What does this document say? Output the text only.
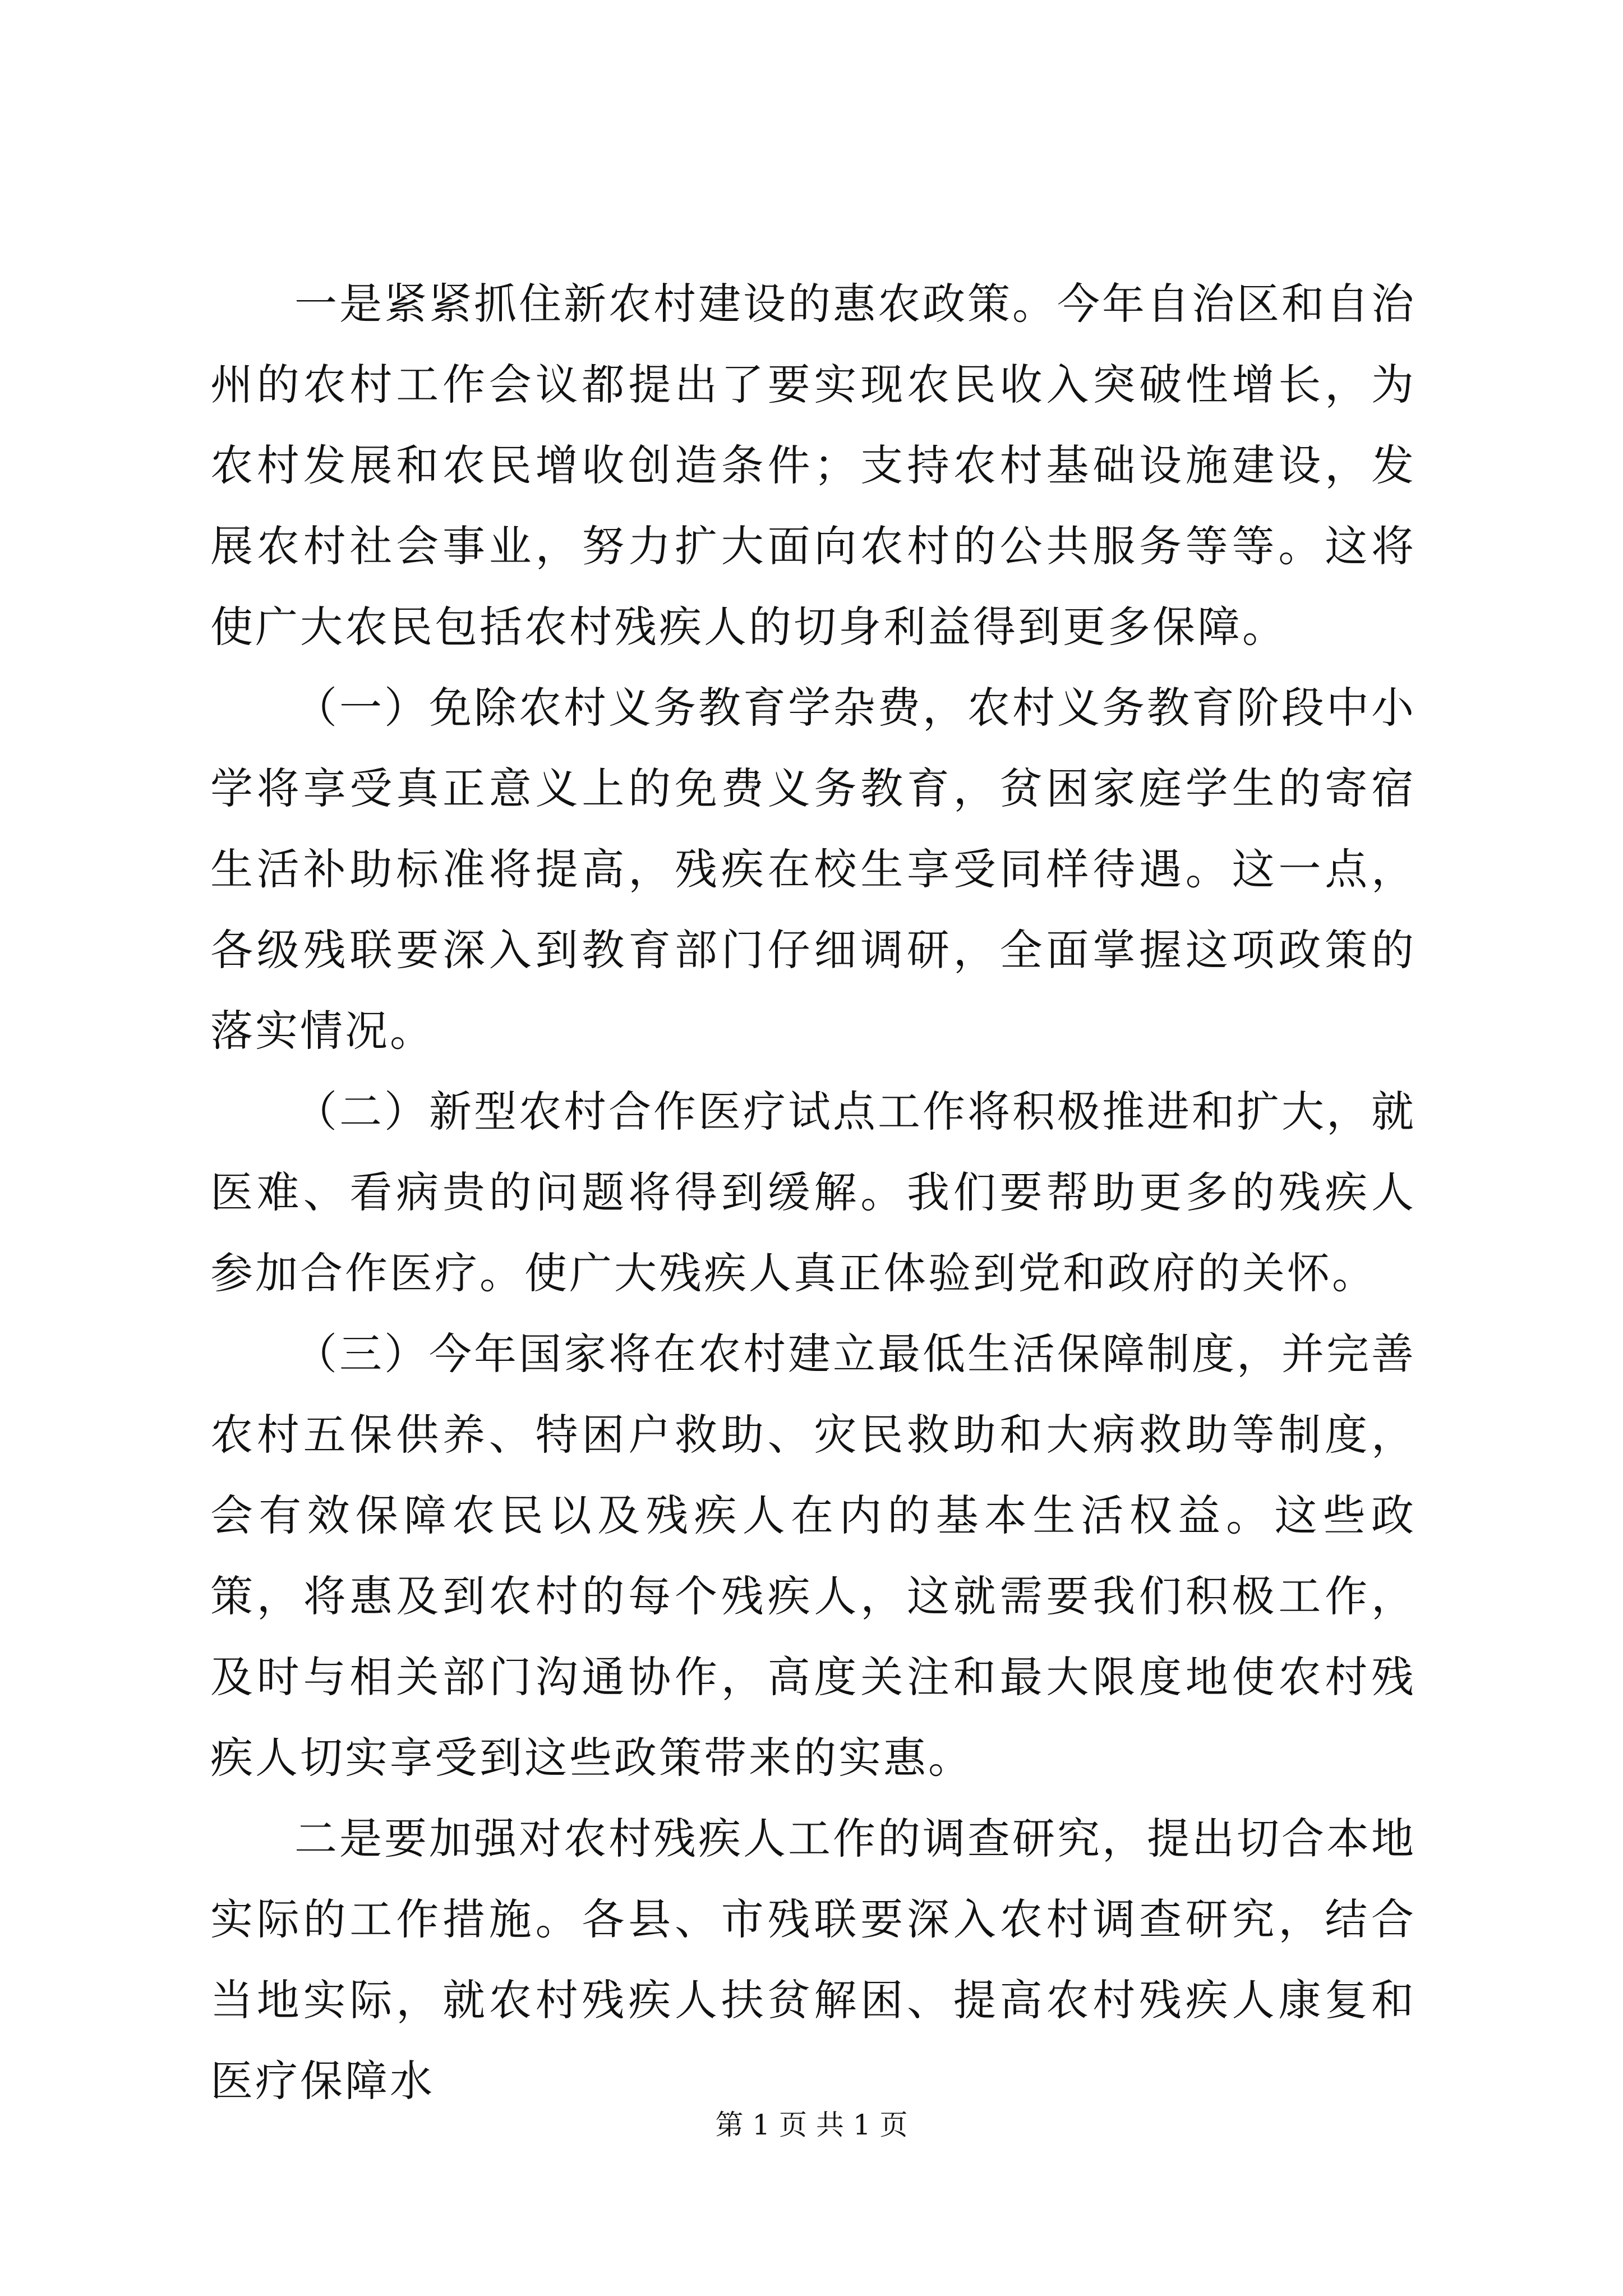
一是紧紧抓住新农村建设的惠农政策。今年自治区和自治州的农村工作会议都提出了要实现农民收入突破性增长，为农村发展和农民增收创造条件；支持农村基础设施建设，发展农村社会事业，努力扩大面向农村的公共服务等等。这将使广大农民包括农村残疾人的切身利益得到更多保障。

（一）免除农村义务教育学杂费，农村义务教育阶段中小学将享受真正意义上的免费义务教育，贫困家庭学生的寄宿生活补助标准将提高，残疾在校生享受同样待遇。这一点，各级残联要深入到教育部门仔细调研，全面掌握这项政策的落实情况。

（二）新型农村合作医疗试点工作将积极推进和扩大，就医难、看病贵的问题将得到缓解。我们要帮助更多的残疾人参加合作医疗。使广大残疾人真正体验到党和政府的关怀。

（三）今年国家将在农村建立最低生活保障制度，并完善农村五保供养、特困户救助、灾民救助和大病救助等制度，会有效保障农民以及残疾人在内的基本生活权益。这些政策，将惠及到农村的每个残疾人，这就需要我们积极工作，及时与相关部门沟通协作，高度关注和最大限度地使农村残疾人切实享受到这些政策带来的实惠。

二是要加强对农村残疾人工作的调查研究，提出切合本地实际的工作措施。各县、市残联要深入农村调查研究，结合当地实际，就农村残疾人扶贫解困、提高农村残疾人康复和医疗保障水

第 1 页 共 1 页
